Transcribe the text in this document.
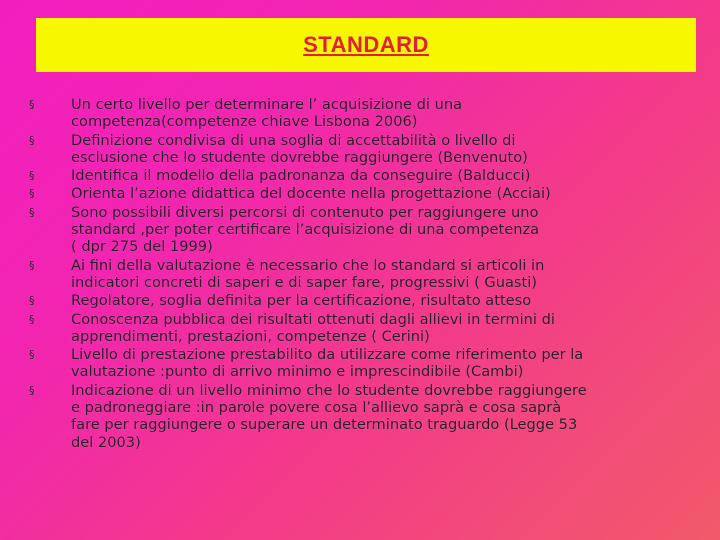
STANDARD
§	Un certo livello per determinare l’ acquisizione di una
competenza(competenze chiave Lisbona 2006)
§	Definizione condivisa di una soglia di accettabilità o livello di
esclusione che lo studente dovrebbe raggiungere (Benvenuto)
§	Identifica il modello della padronanza da conseguire (Balducci)
§	Orienta l’azione didattica del docente nella progettazione (Acciai)
§	Sono possibili diversi percorsi di contenuto per raggiungere uno
standard ,per poter certificare l’acquisizione di una competenza
( dpr 275 del 1999)
§	Ai fini della valutazione è necessario che lo standard si articoli in
indicatori concreti di saperi e di saper fare, progressivi ( Guasti)
§	Regolatore, soglia definita per la certificazione, risultato atteso
§	Conoscenza pubblica dei risultati ottenuti dagli allievi in termini di
apprendimenti, prestazioni, competenze ( Cerini)
§	Livello di prestazione prestabilito da utilizzare come riferimento per la
valutazione :punto di arrivo minimo e imprescindibile (Cambi)
§	Indicazione di un livello minimo che lo studente dovrebbe raggiungere
e padroneggiare :in parole povere cosa l’allievo saprà e cosa saprà
fare per raggiungere o superare un determinato traguardo (Legge 53
del 2003)
